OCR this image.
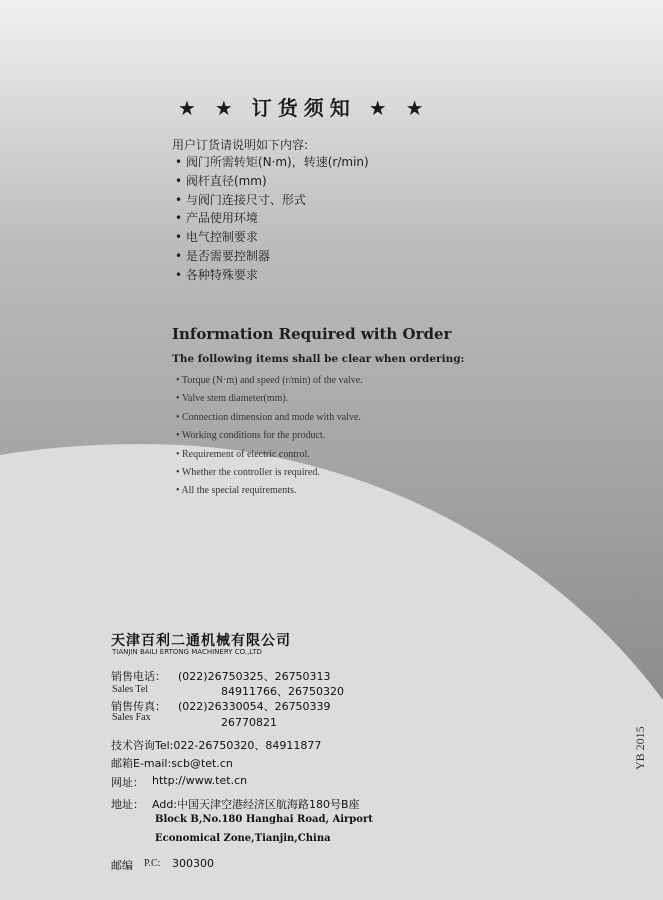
★ ★ 订货须知 ★ ★
用户订货请说明如下内容:
• 阀门所需转矩(N·m)，转速(r/min)
• 阀杆直径(mm)
• 与阀门连接尺寸、形式
• 产品使用环境
• 电气控制要求
• 是否需要控制器
• 各种特殊要求
Information Required with Order
The following items shall be clear when ordering:
• Torque (N·m) and speed (r/min) of the valve.
• Valve stem diameter(mm).
• Connection dimension and mode with valve.
• Working conditions for the product.
• Requirement of electric control.
• Whether the controller is required.
• All the special requirements.
天津百利二通机械有限公司
TIANJIN BAILI ERTONG MACHINERY CO.,LTD
销售电话： (022)26750325、26750313
Sales Tel	84911766、26750320
销售传真： (022)26330054、26750339
Sales Fax	26770821
技术咨询Tel:022-26750320、84911877
邮箱E-mail:scb@tet.cn
网址： http://www.tet.cn
地址： Add:中国天津空港经济区航海路180号B座
Block B,No.180 Hanghai Road, Airport
Economical Zone,Tianjin,China
邮编 P.C: 300300
YB 2015
